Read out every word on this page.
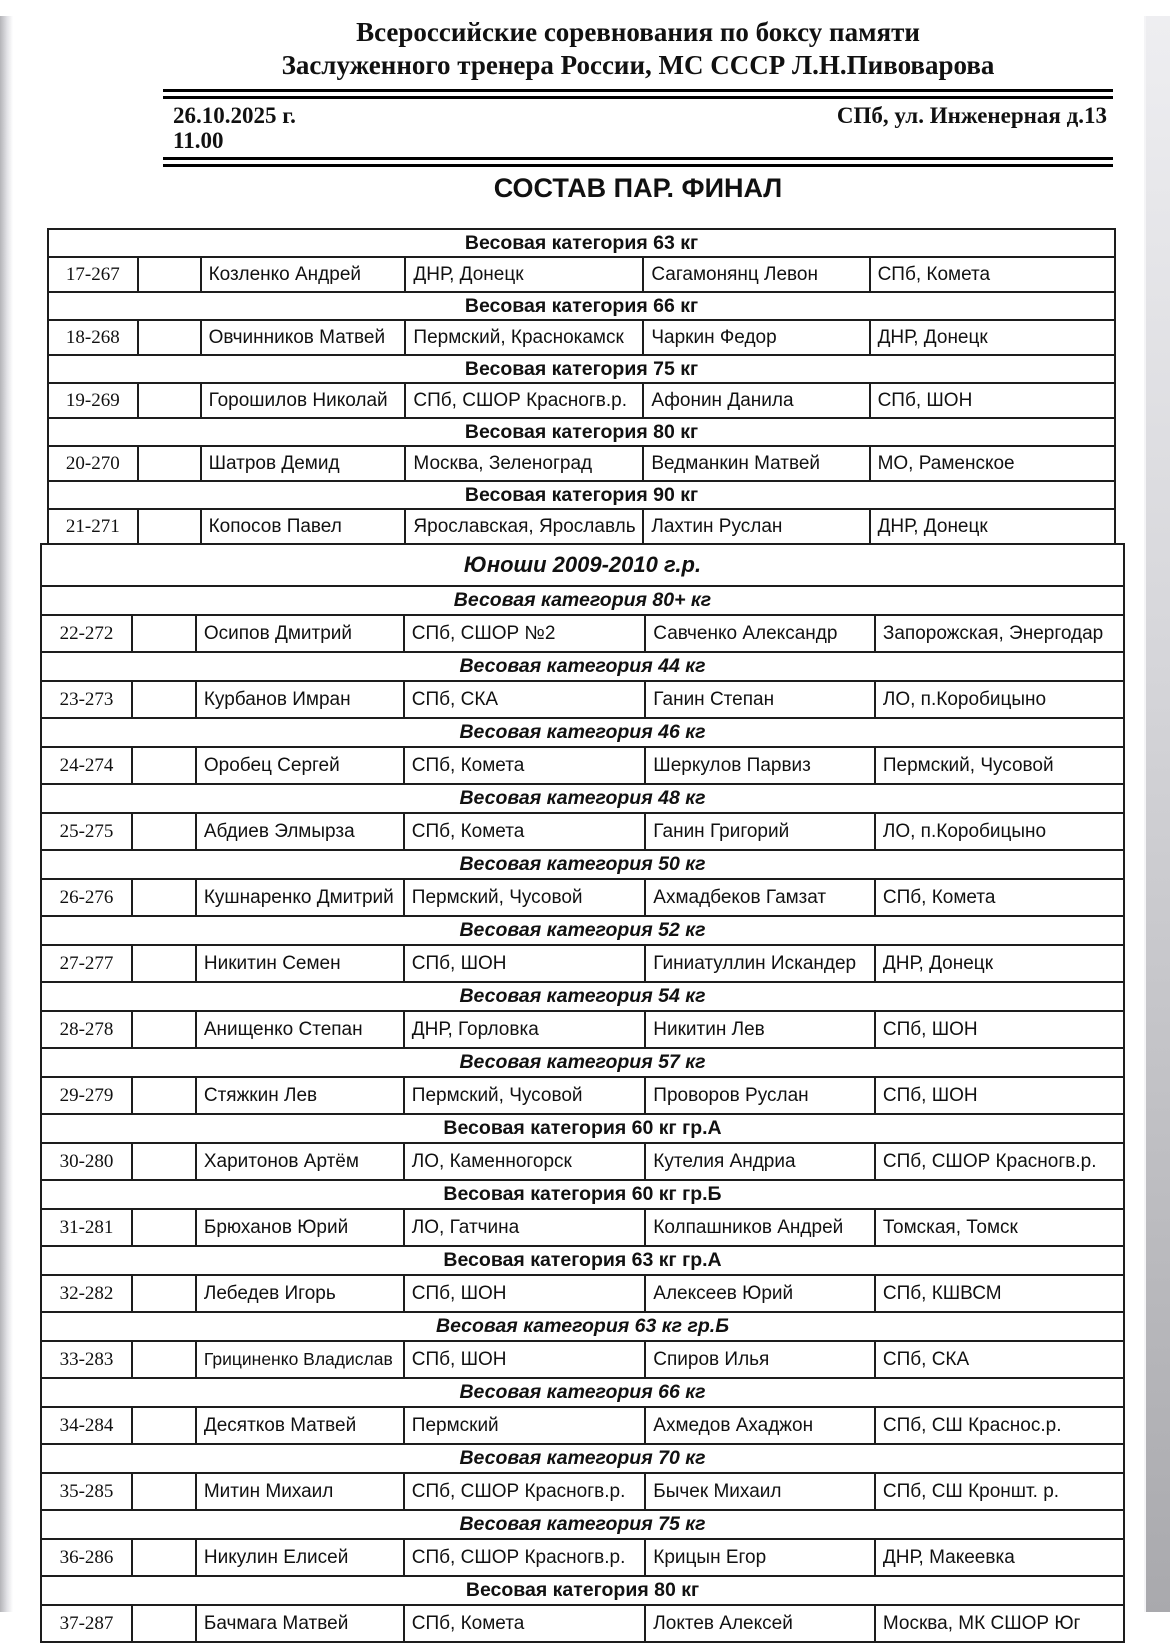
Всероссийские соревнования по боксу памяти
Заслуженного тренера России, МС СССР Л.Н.Пивоварова
26.10.2025 г.
11.00
СПб, ул. Инженерная д.13
СОСТАВ ПАР. ФИНАЛ
Весовая категория 63 кг					
17-267		Козленко Андрей	ДНР, Донецк	Сагамонянц Левон	СПб, Комета
Весовая категория 66 кг					
18-268		Овчинников Матвей	Пермский, Краснокамск	Чаркин Федор	ДНР, Донецк
Весовая категория 75 кг					
19-269		Горошилов Николай	СПб, СШОР Красногв.р.	Афонин Данила	СПб, ШОН
Весовая категория 80 кг					
20-270		Шатров Демид	Москва, Зеленоград	Ведманкин Матвей	МО, Раменское
Весовая категория 90 кг					
21-271		Копосов Павел	Ярославская, Ярославль	Лахтин Руслан	ДНР, Донецк
Юноши 2009-2010 г.р.					
Весовая категория 80+ кг					
22-272		Осипов Дмитрий	СПб, СШОР №2	Савченко Александр	Запорожская, Энергодар
Весовая категория 44 кг					
23-273		Курбанов Имран	СПб, СКА	Ганин Степан	ЛО, п.Коробицыно
Весовая категория 46 кг					
24-274		Оробец Сергей	СПб, Комета	Шеркулов Парвиз	Пермский, Чусовой
Весовая категория 48 кг					
25-275		Абдиев Элмырза	СПб, Комета	Ганин Григорий	ЛО, п.Коробицыно
Весовая категория 50 кг					
26-276		Кушнаренко Дмитрий	Пермский, Чусовой	Ахмадбеков Гамзат	СПб, Комета
Весовая категория 52 кг					
27-277		Никитин Семен	СПб, ШОН	Гиниатуллин Искандер	ДНР, Донецк
Весовая категория 54 кг					
28-278		Анищенко Степан	ДНР, Горловка	Никитин Лев	СПб, ШОН
Весовая категория 57 кг					
29-279		Стяжкин Лев	Пермский, Чусовой	Проворов Руслан	СПб, ШОН
Весовая категория 60 кг гр.А					
30-280		Харитонов Артём	ЛО, Каменногорск	Кутелия Андриа	СПб, СШОР Красногв.р.
Весовая категория 60 кг гр.Б					
31-281		Брюханов Юрий	ЛО, Гатчина	Колпашников Андрей	Томская, Томск
Весовая категория 63 кг гр.А					
32-282		Лебедев Игорь	СПб, ШОН	Алексеев Юрий	СПб, КШВСМ
Весовая категория 63 кг гр.Б					
33-283		Грициненко Владислав	СПб, ШОН	Спиров Илья	СПб, СКА
Весовая категория 66 кг					
34-284		Десятков Матвей	Пермский	Ахмедов Ахаджон	СПб, СШ Краснос.р.
Весовая категория 70 кг					
35-285		Митин Михаил	СПб, СШОР Красногв.р.	Бычек Михаил	СПб, СШ Кроншт. р.
Весовая категория 75 кг					
36-286		Никулин Елисей	СПб, СШОР Красногв.р.	Крицын Егор	ДНР, Макеевка
Весовая категория 80 кг					
37-287		Бачмага Матвей	СПб, Комета	Локтев Алексей	Москва, МК СШОР Юг
